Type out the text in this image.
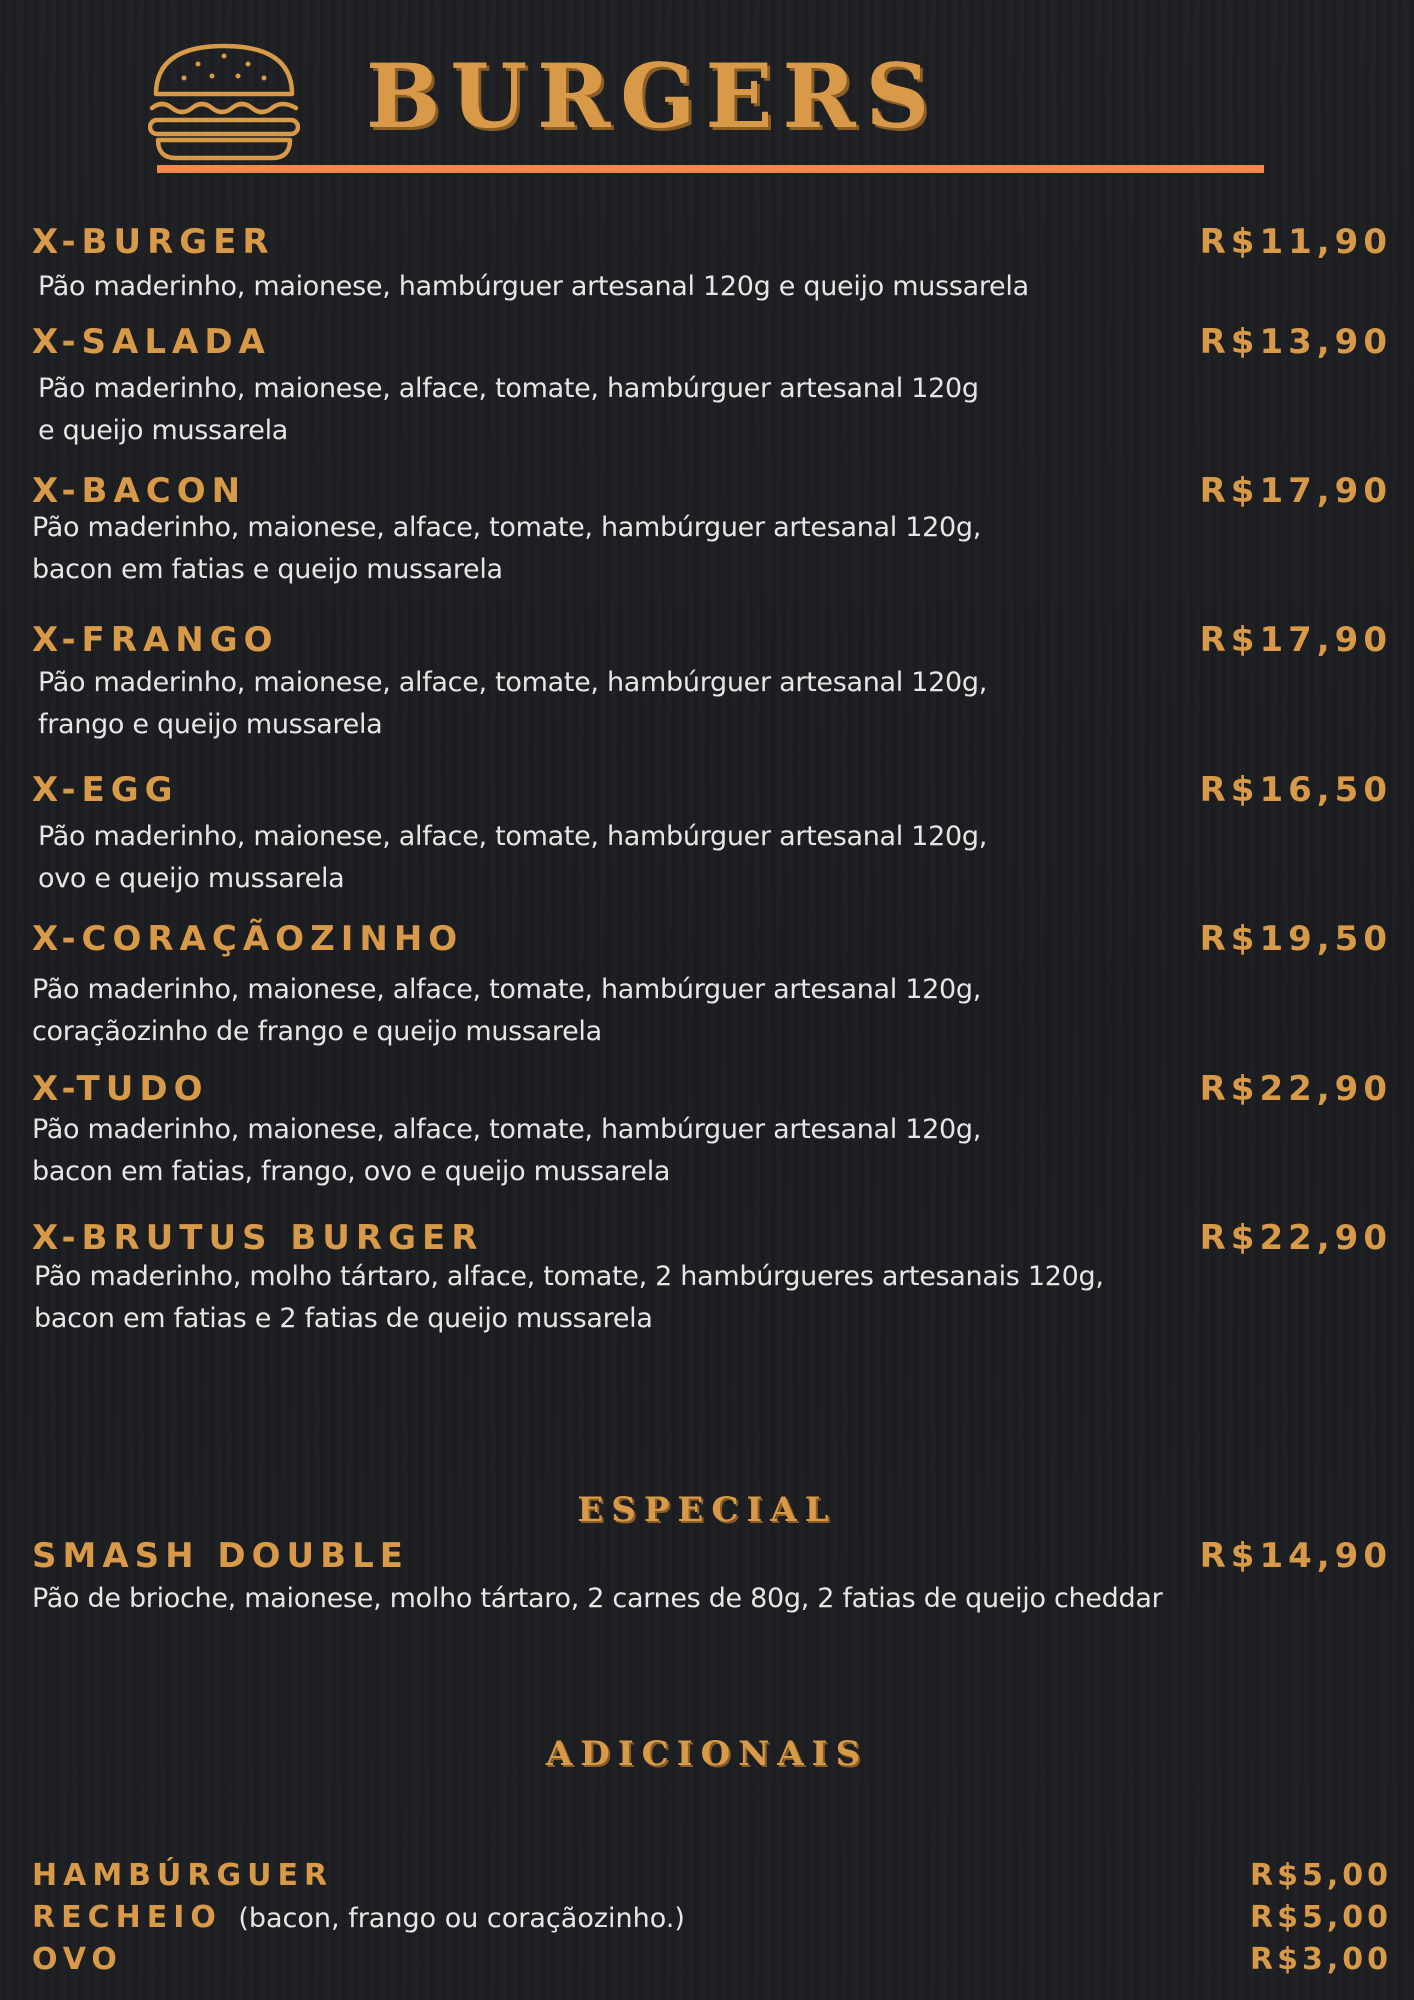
BURGERS
X-BURGER	R$11,90
Pão maderinho, maionese, hambúrguer artesanal 120g e queijo mussarela
X-SALADA	R$13,90
Pão maderinho, maionese, alface, tomate, hambúrguer artesanal 120g
e queijo mussarela
X-BACON	R$17,90
Pão maderinho, maionese, alface, tomate, hambúrguer artesanal 120g,
bacon em fatias e queijo mussarela
X-FRANGO	R$17,90
Pão maderinho, maionese, alface, tomate, hambúrguer artesanal 120g,
frango e queijo mussarela
X-EGG	R$16,50
Pão maderinho, maionese, alface, tomate, hambúrguer artesanal 120g,
ovo e queijo mussarela
X-CORAÇÃOZINHO	R$19,50
Pão maderinho, maionese, alface, tomate, hambúrguer artesanal 120g,
coraçãozinho de frango e queijo mussarela
X-TUDO	R$22,90
Pão maderinho, maionese, alface, tomate, hambúrguer artesanal 120g,
bacon em fatias, frango, ovo e queijo mussarela
X-BRUTUS BURGER	R$22,90
Pão maderinho, molho tártaro, alface, tomate, 2 hambúrgueres artesanais 120g,
bacon em fatias e 2 fatias de queijo mussarela
ESPECIAL
SMASH DOUBLE	R$14,90
Pão de brioche, maionese, molho tártaro, 2 carnes de 80g, 2 fatias de queijo cheddar
ADICIONAIS
HAMBÚRGUER	R$5,00
RECHEIO (bacon, frango ou coraçãozinho.)	R$5,00
OVO	R$3,00
